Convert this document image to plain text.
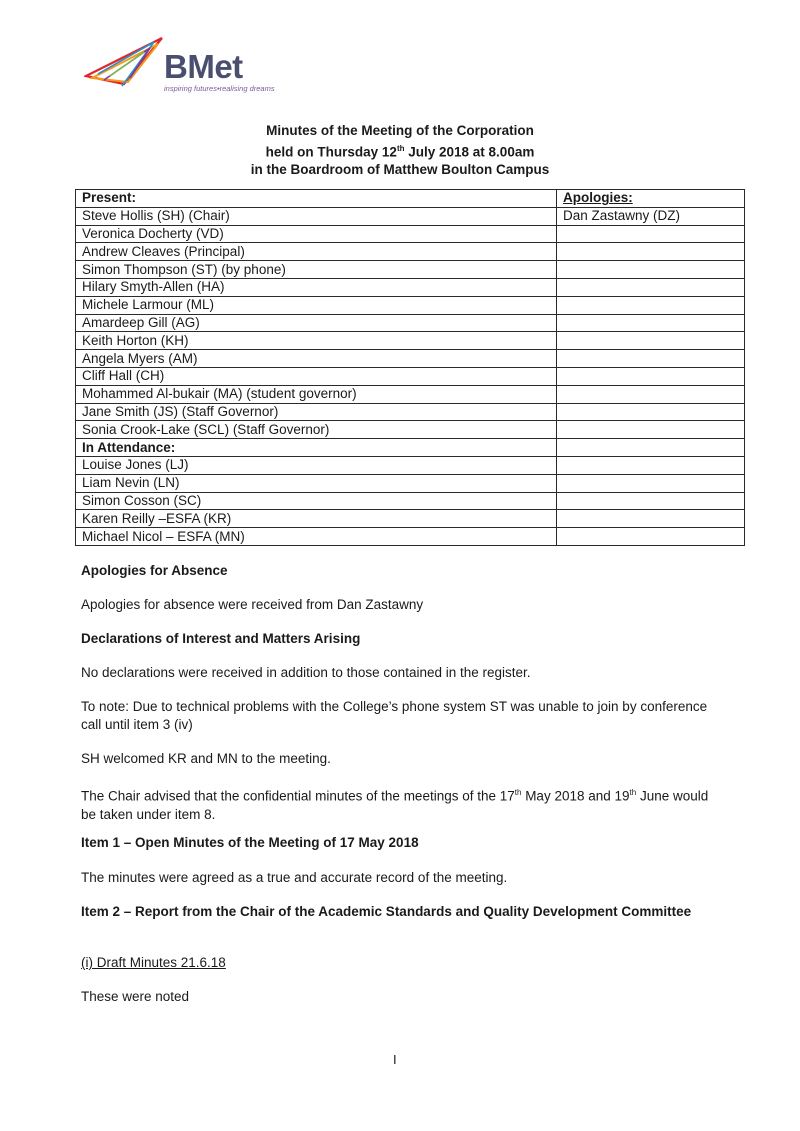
BMet
inspiring futures•realising dreams
Minutes of the Meeting of the Corporation
held on Thursday 12th July 2018 at 8.00am
in the Boardroom of Matthew Boulton Campus
Present:	Apologies:
Steve Hollis (SH) (Chair)	Dan Zastawny (DZ)
Veronica Docherty (VD)	
Andrew Cleaves (Principal)	
Simon Thompson (ST) (by phone)	
Hilary Smyth-Allen (HA)	
Michele Larmour (ML)	
Amardeep Gill (AG)	
Keith Horton (KH)	
Angela Myers (AM)	
Cliff Hall (CH)	
Mohammed Al-bukair (MA) (student governor)	
Jane Smith (JS) (Staff Governor)	
Sonia Crook-Lake (SCL) (Staff Governor)	
In Attendance:	
Louise Jones (LJ)	
Liam Nevin (LN)	
Simon Cosson (SC)	
Karen Reilly –ESFA (KR)	
Michael Nicol – ESFA (MN)	
Apologies for Absence
Apologies for absence were received from Dan Zastawny
Declarations of Interest and Matters Arising
No declarations were received in addition to those contained in the register.
To note: Due to technical problems with the College’s phone system ST was unable to join by conference call until item 3 (iv)
SH welcomed KR and MN to the meeting.
The Chair advised that the confidential minutes of the meetings of the 17th May 2018 and 19th June would be taken under item 8.
Item 1 – Open Minutes of the Meeting of 17 May 2018
The minutes were agreed as a true and accurate record of the meeting.
Item 2 – Report from the Chair of the Academic Standards and Quality Development Committee
(i) Draft Minutes 21.6.18
These were noted
I
